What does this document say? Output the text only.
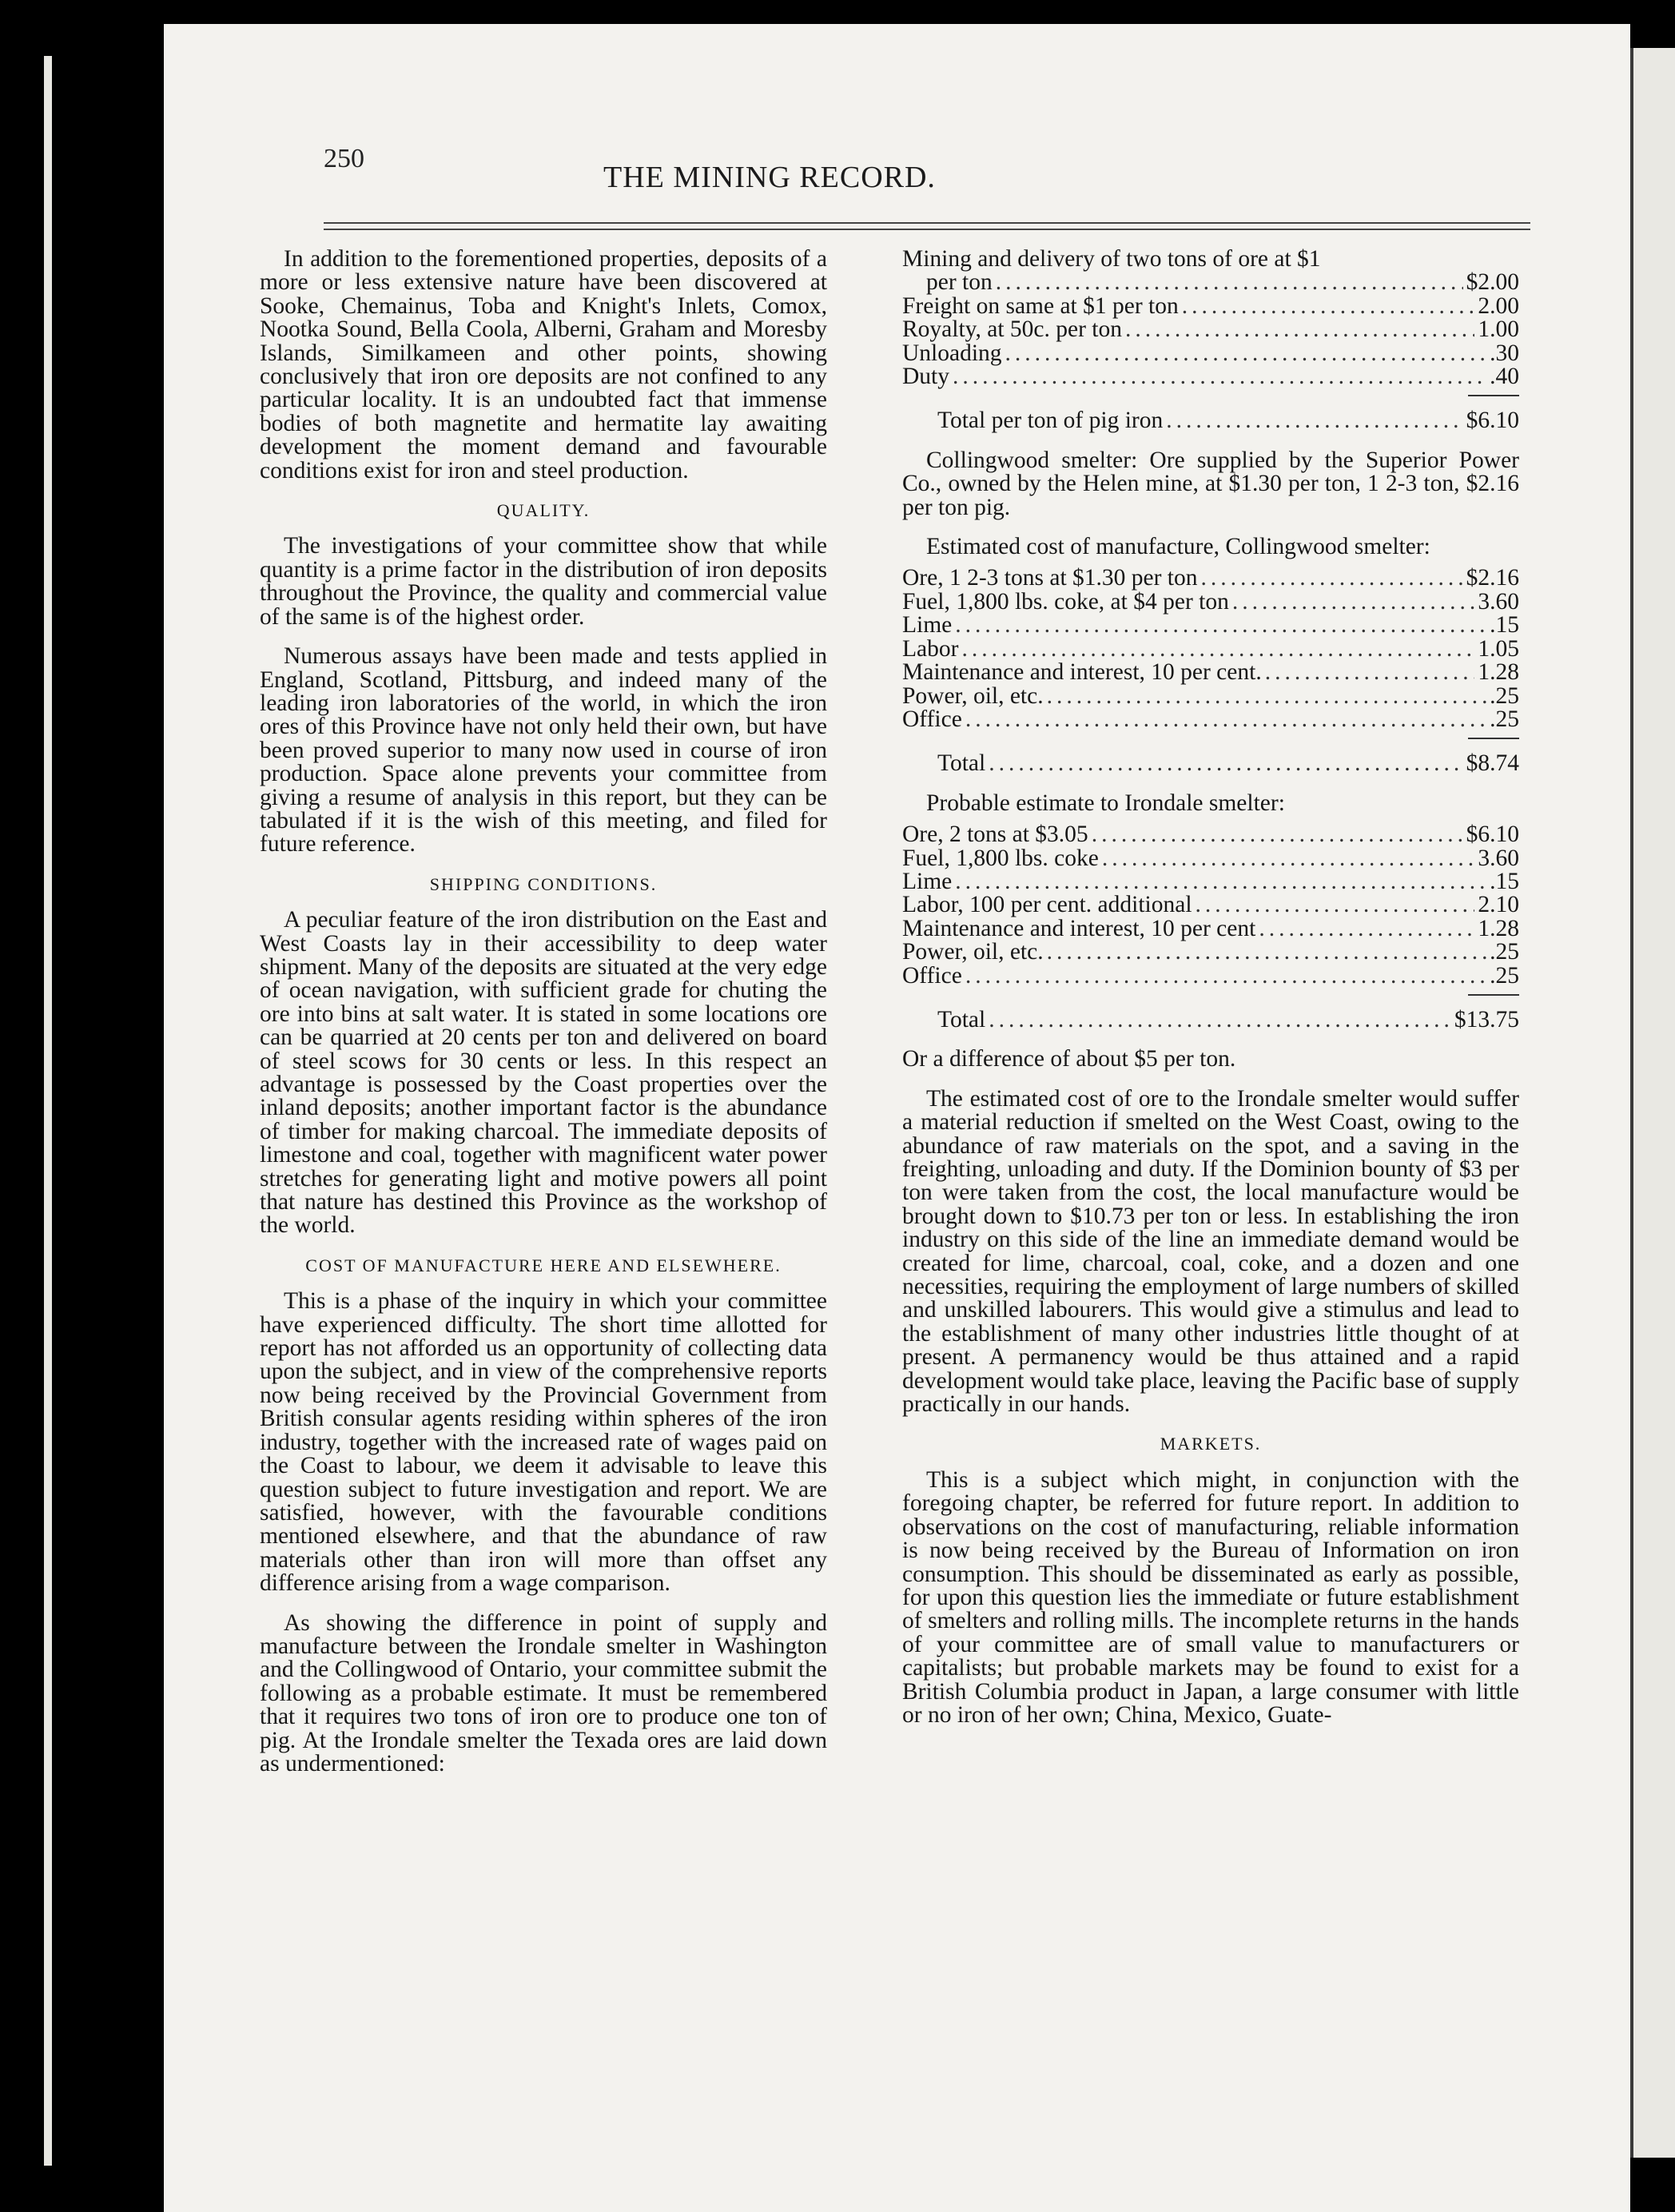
250
THE MINING RECORD.

In addition to the forementioned properties, deposits of a more or less extensive nature have been discovered at Sooke, Chemainus, Toba and Knight's Inlets, Comox, Nootka Sound, Bella Coola, Alberni, Graham and Moresby Islands, Similkameen and other points, showing conclusively that iron ore deposits are not confined to any particular locality. It is an undoubted fact that immense bodies of both magnetite and hermatite lay awaiting development the moment demand and favourable conditions exist for iron and steel production.

QUALITY.

The investigations of your committee show that while quantity is a prime factor in the distribution of iron deposits throughout the Province, the quality and commercial value of the same is of the highest order.

Numerous assays have been made and tests applied in England, Scotland, Pittsburg, and indeed many of the leading iron laboratories of the world, in which the iron ores of this Province have not only held their own, but have been proved superior to many now used in course of iron production. Space alone prevents your committee from giving a resume of analysis in this report, but they can be tabulated if it is the wish of this meeting, and filed for future reference.

SHIPPING CONDITIONS.

A peculiar feature of the iron distribution on the East and West Coasts lay in their accessibility to deep water shipment. Many of the deposits are situated at the very edge of ocean navigation, with sufficient grade for chuting the ore into bins at salt water. It is stated in some locations ore can be quarried at 20 cents per ton and delivered on board of steel scows for 30 cents or less. In this respect an advantage is possessed by the Coast properties over the inland deposits; another important factor is the abundance of timber for making charcoal. The immediate deposits of limestone and coal, together with magnificent water power stretches for generating light and motive powers all point that nature has destined this Province as the workshop of the world.

COST OF MANUFACTURE HERE AND ELSEWHERE.

This is a phase of the inquiry in which your committee have experienced difficulty. The short time allotted for report has not afforded us an opportunity of collecting data upon the subject, and in view of the comprehensive reports now being received by the Provincial Government from British consular agents residing within spheres of the iron industry, together with the increased rate of wages paid on the Coast to labour, we deem it advisable to leave this question subject to future investigation and report. We are satisfied, however, with the favourable conditions mentioned elsewhere, and that the abundance of raw materials other than iron will more than offset any difference arising from a wage comparison.

As showing the difference in point of supply and manufacture between the Irondale smelter in Washington and the Collingwood of Ontario, your committee submit the following as a probable estimate. It must be remembered that it requires two tons of iron ore to produce one ton of pig. At the Irondale smelter the Texada ores are laid down as undermentioned:

Mining and delivery of two tons of ore at $1
per ton .....	$2.00
Freight on same at $1 per ton .....	2.00
Royalty, at 50c. per ton .....	1.00
Unloading .....	.30
Duty .....	.40
Total per ton of pig iron .....	$6.10

Collingwood smelter: Ore supplied by the Superior Power Co., owned by the Helen mine, at $1.30 per ton, 1 2-3 ton, $2.16 per ton pig.

Estimated cost of manufacture, Collingwood smelter:

Ore, 1 2-3 tons at $1.30 per ton .....	$2.16
Fuel, 1,800 lbs. coke, at $4 per ton .....	3.60
Lime .....	.15
Labor .....	1.05
Maintenance and interest, 10 per cent. .....	1.28
Power, oil, etc. .....	.25
Office .....	.25
Total .....	$8.74

Probable estimate to Irondale smelter:

Ore, 2 tons at $3.05 .....	$6.10
Fuel, 1,800 lbs. coke .....	3.60
Lime .....	.15
Labor, 100 per cent. additional .....	2.10
Maintenance and interest, 10 per cent .....	1.28
Power, oil, etc. .....	.25
Office .....	.25
Total .....	$13.75

Or a difference of about $5 per ton.

The estimated cost of ore to the Irondale smelter would suffer a material reduction if smelted on the West Coast, owing to the abundance of raw materials on the spot, and a saving in the freighting, unloading and duty. If the Dominion bounty of $3 per ton were taken from the cost, the local manufacture would be brought down to $10.73 per ton or less. In establishing the iron industry on this side of the line an immediate demand would be created for lime, charcoal, coal, coke, and a dozen and one necessities, requiring the employment of large numbers of skilled and unskilled labourers. This would give a stimulus and lead to the establishment of many other industries little thought of at present. A permanency would be thus attained and a rapid development would take place, leaving the Pacific base of supply practically in our hands.

MARKETS.

This is a subject which might, in conjunction with the foregoing chapter, be referred for future report. In addition to observations on the cost of manufacturing, reliable information is now being received by the Bureau of Information on iron consumption. This should be disseminated as early as possible, for upon this question lies the immediate or future establishment of smelters and rolling mills. The incomplete returns in the hands of your committee are of small value to manufacturers or capitalists; but probable markets may be found to exist for a British Columbia product in Japan, a large consumer with little or no iron of her own; China, Mexico, Guate-
